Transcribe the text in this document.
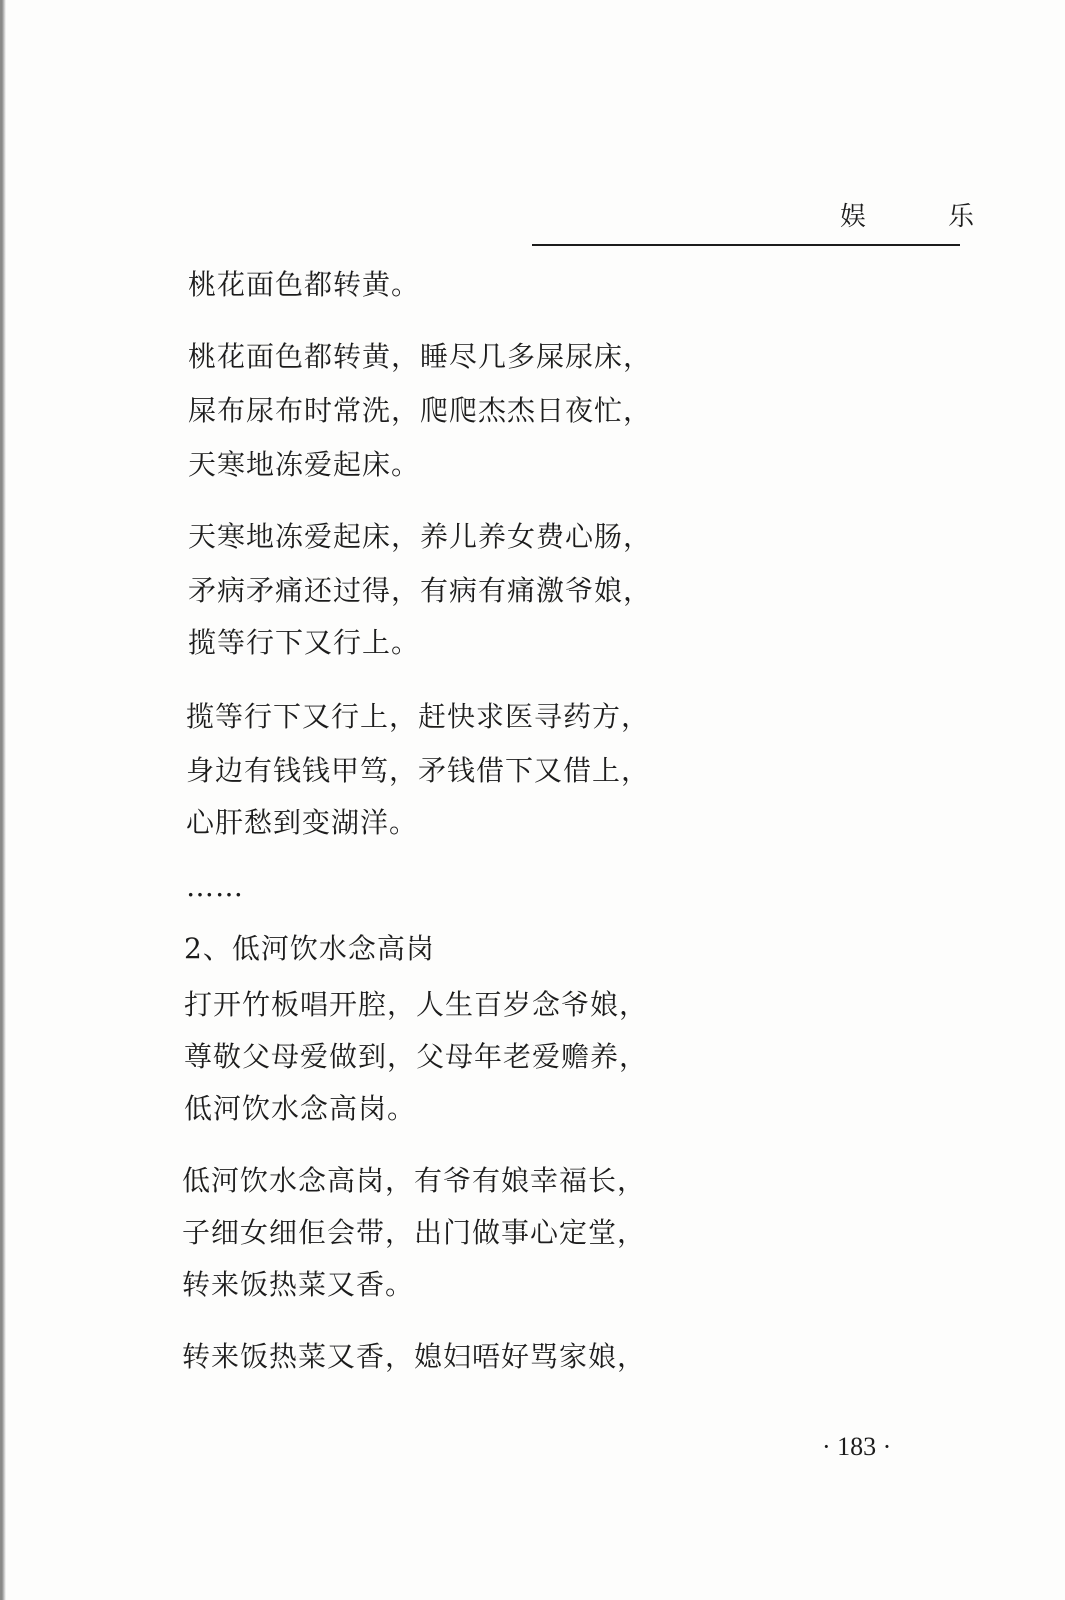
娱　乐
桃花面色都转黄。
桃花面色都转黄，睡尽几多屎尿床，
屎布尿布时常洗，爬爬杰杰日夜忙，
天寒地冻爱起床。
天寒地冻爱起床，养儿养女费心肠，
矛病矛痛还过得，有病有痛激爷娘，
揽等行下又行上。
揽等行下又行上，赶快求医寻药方，
身边有钱钱甲笃，矛钱借下又借上，
心肝愁到变湖洋。
……
2、低河饮水念高岗
打开竹板唱开腔，人生百岁念爷娘，
尊敬父母爱做到，父母年老爱赡养，
低河饮水念高岗。
低河饮水念高岗，有爷有娘幸福长，
子细女细佢会带，出门做事心定堂，
转来饭热菜又香。
转来饭热菜又香，媳妇唔好骂家娘，
· 183 ·
